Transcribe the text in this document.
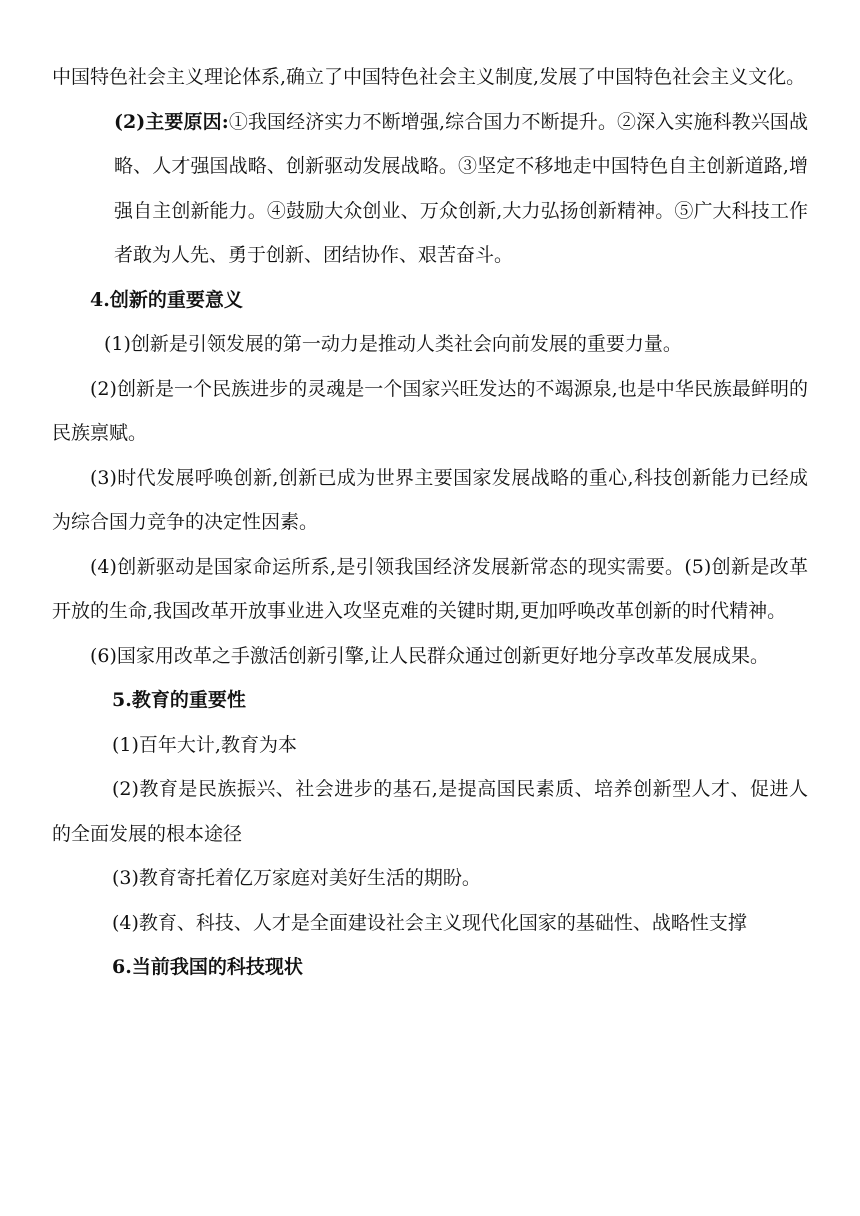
中国特色社会主义理论体系,确立了中国特色社会主义制度,发展了中国特色社会主义文化。

(2)主要原因:①我国经济实力不断增强,综合国力不断提升。②深入实施科教兴国战略、人才强国战略、创新驱动发展战略。③坚定不移地走中国特色自主创新道路,增强自主创新能力。④鼓励大众创业、万众创新,大力弘扬创新精神。⑤广大科技工作者敢为人先、勇于创新、团结协作、艰苦奋斗。

4.创新的重要意义

(1)创新是引领发展的第一动力是推动人类社会向前发展的重要力量。

(2)创新是一个民族进步的灵魂是一个国家兴旺发达的不竭源泉,也是中华民族最鲜明的民族禀赋。

(3)时代发展呼唤创新,创新已成为世界主要国家发展战略的重心,科技创新能力已经成为综合国力竞争的决定性因素。

(4)创新驱动是国家命运所系,是引领我国经济发展新常态的现实需要。(5)创新是改革开放的生命,我国改革开放事业进入攻坚克难的关键时期,更加呼唤改革创新的时代精神。

(6)国家用改革之手激活创新引擎,让人民群众通过创新更好地分享改革发展成果。

5.教育的重要性

(1)百年大计,教育为本

(2)教育是民族振兴、社会进步的基石,是提高国民素质、培养创新型人才、促进人的全面发展的根本途径

(3)教育寄托着亿万家庭对美好生活的期盼。

(4)教育、科技、人才是全面建设社会主义现代化国家的基础性、战略性支撑

6.当前我国的科技现状
